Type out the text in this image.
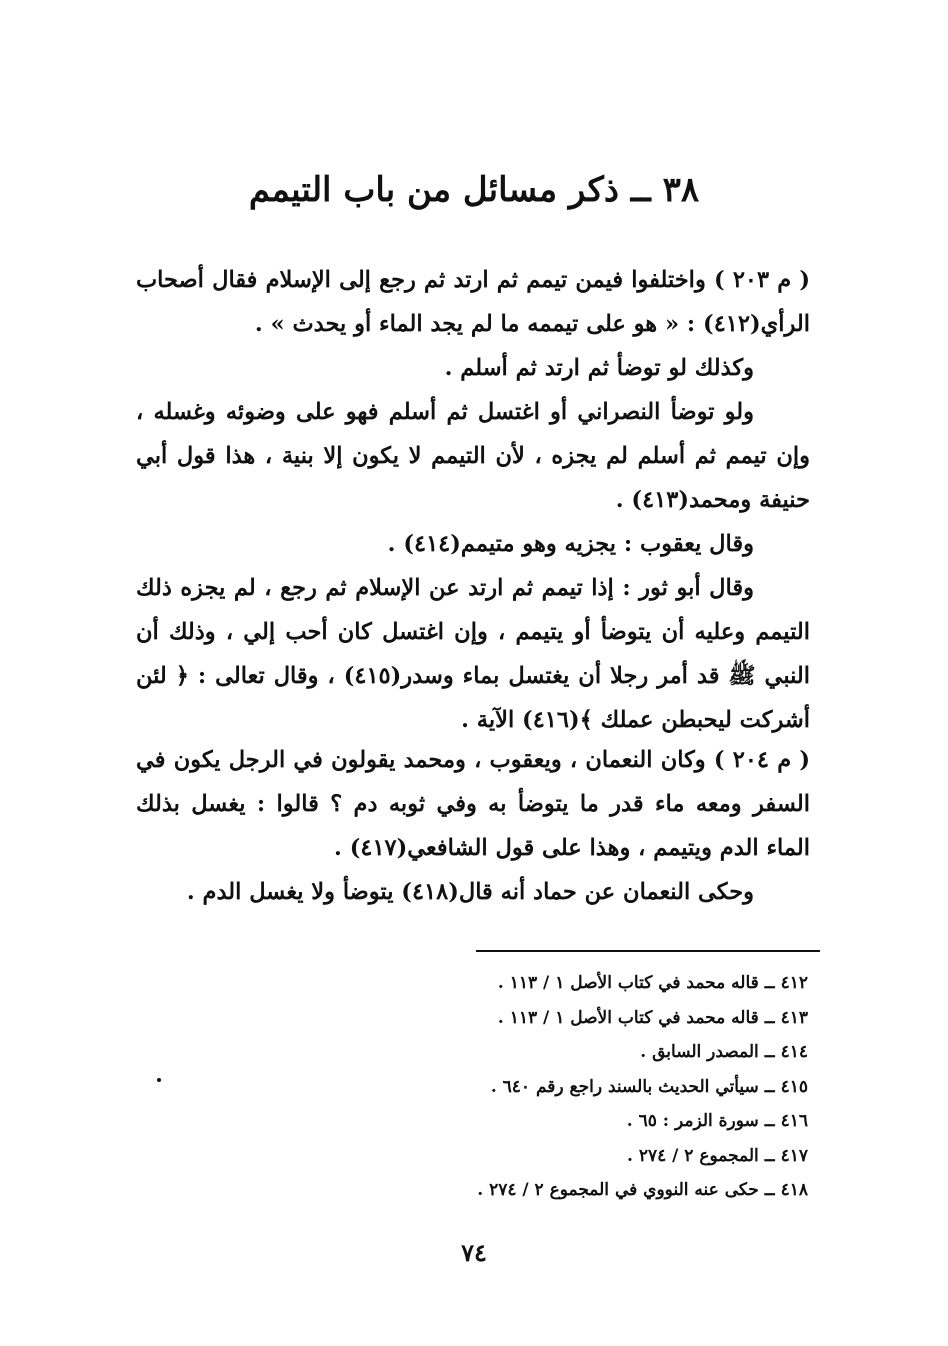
٣٨ ــ ذكر مسائل من باب التيمم

( م ٢٠٣ ) واختلفوا فيمن تيمم ثم ارتد ثم رجع إلى الإسلام فقال أصحاب الرأي(٤١٢) : « هو على تيممه ما لم يجد الماء أو يحدث » .

وكذلك لو توضأ ثم ارتد ثم أسلم .

ولو توضأ النصراني أو اغتسل ثم أسلم فهو على وضوئه وغسله ، وإن تيمم ثم أسلم لم يجزه ، لأن التيمم لا يكون إلا بنية ، هذا قول أبي حنيفة ومحمد(٤١٣) .

وقال يعقوب : يجزيه وهو متيمم(٤١٤) .

وقال أبو ثور : إذا تيمم ثم ارتد عن الإسلام ثم رجع ، لم يجزه ذلك التيمم وعليه أن يتوضأ أو يتيمم ، وإن اغتسل كان أحب إلي ، وذلك أن النبي ﷺ قد أمر رجلا أن يغتسل بماء وسدر(٤١٥) ، وقال تعالى : ﴿ لئن أشركت ليحبطن عملك ﴾(٤١٦) الآية .

( م ٢٠٤ ) وكان النعمان ، ويعقوب ، ومحمد يقولون في الرجل يكون في السفر ومعه ماء قدر ما يتوضأ به وفي ثوبه دم ؟ قالوا : يغسل بذلك الماء الدم ويتيمم ، وهذا على قول الشافعي(٤١٧) .

وحكى النعمان عن حماد أنه قال(٤١٨) يتوضأ ولا يغسل الدم .

٤١٢ ــ قاله محمد في كتاب الأصل ١ / ١١٣ .

٤١٣ ــ قاله محمد في كتاب الأصل ١ / ١١٣ .

٤١٤ ــ المصدر السابق .

٤١٥ ــ سيأتي الحديث بالسند راجع رقم ٦٤٠ .

٤١٦ ــ سورة الزمر : ٦٥ .

٤١٧ ــ المجموع ٢ / ٢٧٤ .

٤١٨ ــ حكى عنه النووي في المجموع ٢ / ٢٧٤ .

٧٤
